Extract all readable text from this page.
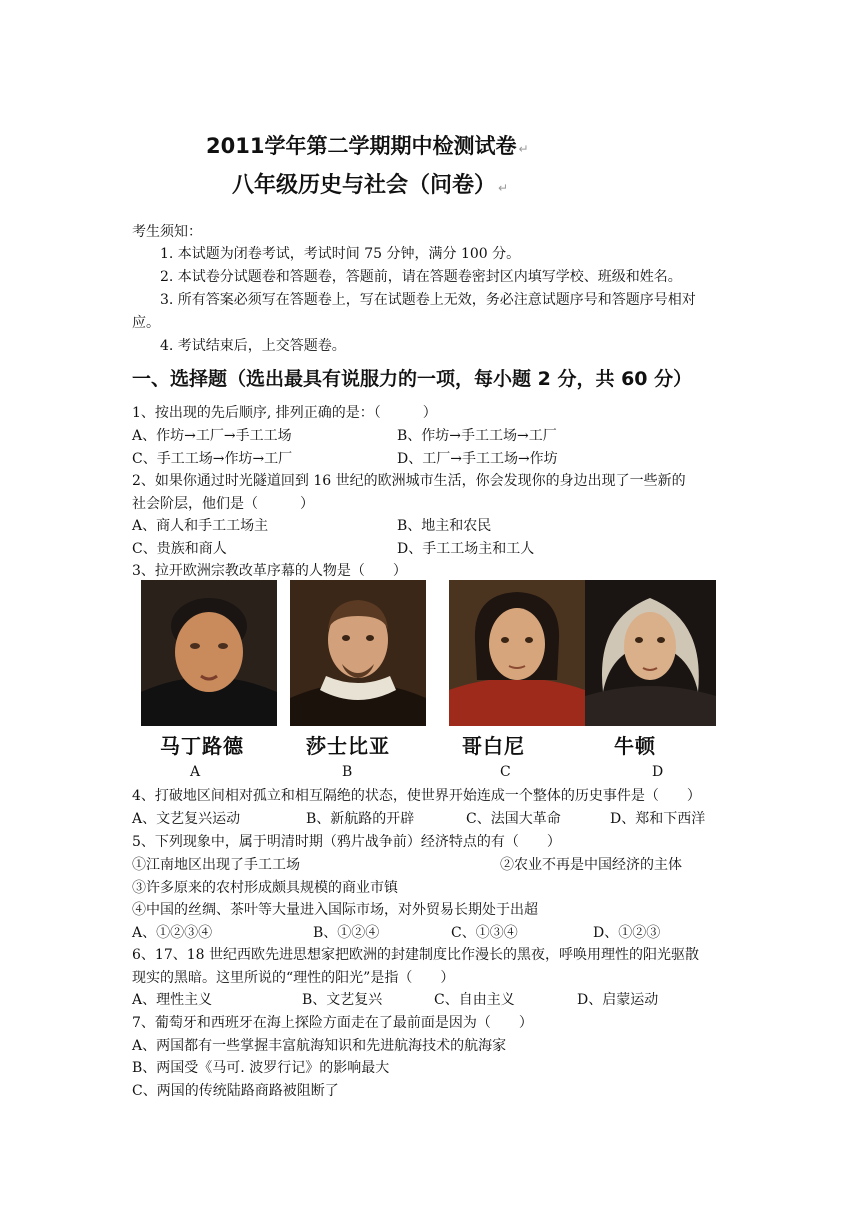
2011学年第二学期期中检测试卷 ↵
八年级历史与社会（问卷） ↵
考生须知：
1. 本试题为闭卷考试，考试时间 75 分钟，满分 100 分。
2. 本试卷分试题卷和答题卷，答题前，请在答题卷密封区内填写学校、班级和姓名。
3. 所有答案必须写在答题卷上，写在试题卷上无效，务必注意试题序号和答题序号相对
应。
4. 考试结束后，上交答题卷。
一、选择题（选出最具有说服力的一项，每小题 2 分，共 60 分）
1、按出现的先后顺序, 排列正确的是：（　　　）
A、作坊→工厂→手工工场	B、作坊→手工工场→工厂
C、手工工场→作坊→工厂	D、工厂→手工工场→作坊
2、如果你通过时光隧道回到 16 世纪的欧洲城市生活，你会发现你的身边出现了一些新的
社会阶层，他们是（　　　）
A、商人和手工工场主	B、地主和农民
C、贵族和商人	D、手工工场主和工人
3、拉开欧洲宗教改革序幕的人物是（　　）
马丁路德	莎士比亚	哥白尼	牛顿
A	B	C	D
4、打破地区间相对孤立和相互隔绝的状态，使世界开始连成一个整体的历史事件是（　　）
A、文艺复兴运动	B、新航路的开辟	C、法国大革命	D、郑和下西洋
5、下列现象中，属于明清时期（鸦片战争前）经济特点的有（　　）
①江南地区出现了手工工场	②农业不再是中国经济的主体
③许多原来的农村形成颇具规模的商业市镇
④中国的丝绸、茶叶等大量进入国际市场，对外贸易长期处于出超
A、①②③④	B、①②④	C、①③④	D、①②③
6、17、18 世纪西欧先进思想家把欧洲的封建制度比作漫长的黑夜，呼唤用理性的阳光驱散
现实的黑暗。这里所说的“理性的阳光”是指（　　）
A、理性主义	B、文艺复兴	C、自由主义	D、启蒙运动
7、葡萄牙和西班牙在海上探险方面走在了最前面是因为（　　）
A、两国都有一些掌握丰富航海知识和先进航海技术的航海家
B、两国受《马可. 波罗行记》的影响最大
C、两国的传统陆路商路被阻断了
